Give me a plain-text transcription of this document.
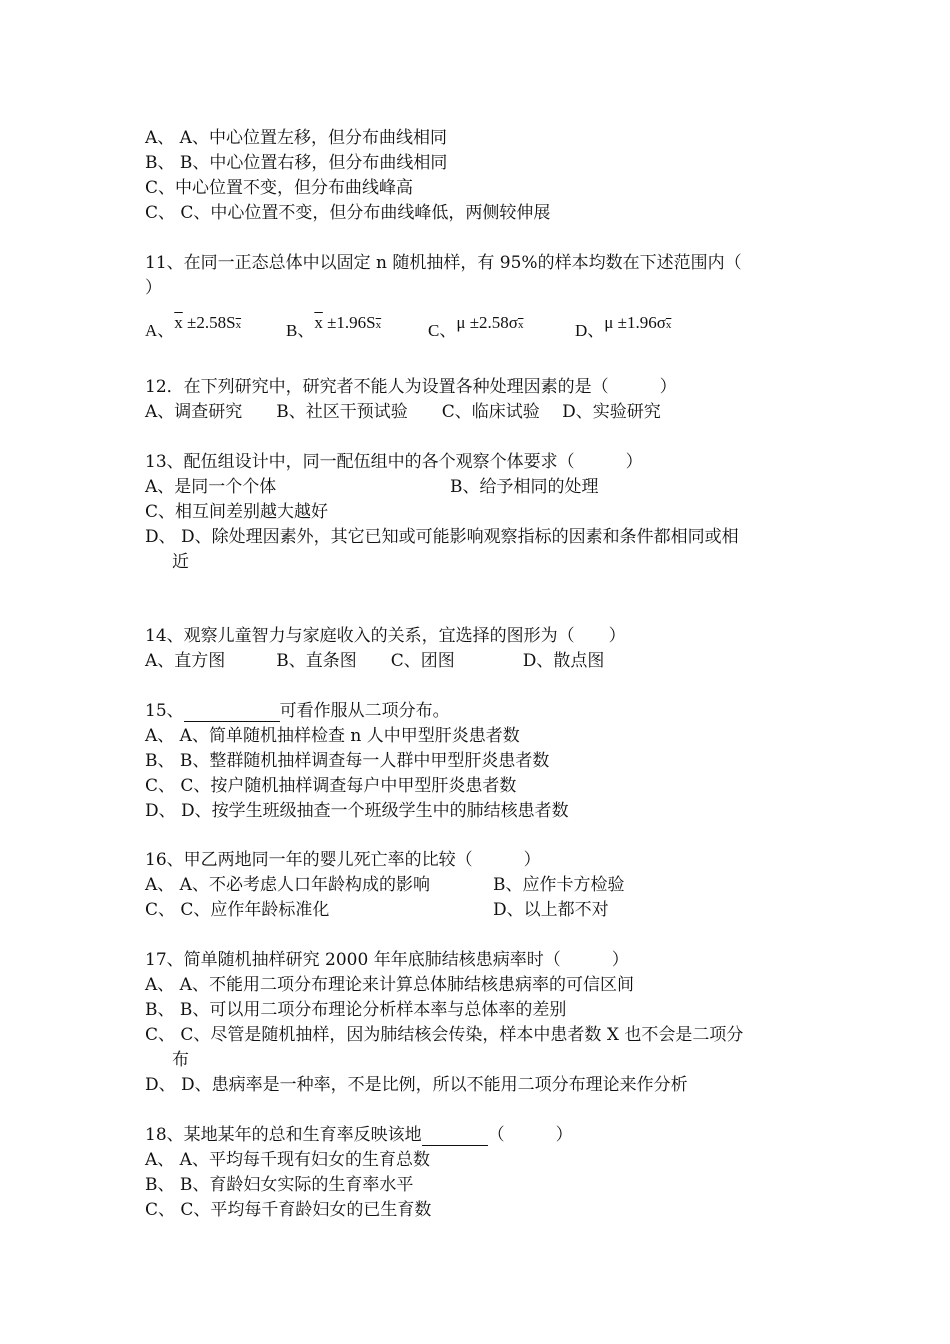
A、 A、中心位置左移，但分布曲线相同

B、 B、中心位置右移，但分布曲线相同

C、中心位置不变，但分布曲线峰高

C、 C、中心位置不变，但分布曲线峰低，两侧较伸展

11、在同一正态总体中以固定 n 随机抽样，有 95%的样本均数在下述范围内（

）

A、$\overline{x} \pm 2.58S\overline{x}$	B、$\overline{x} \pm 1.96S\overline{x}$	C、$\mu \pm 2.58\sigma\overline{x}$	D、$\mu \pm 1.96\sigma\overline{x}$

12．在下列研究中，研究者不能人为设置各种处理因素的是（　　　）

A、调查研究　　B、社区干预试验　　C、临床试验　 D、实验研究

13、配伍组设计中，同一配伍组中的各个观察个体要求（　　　）

A、是同一个个体	B、给予相同的处理

C、相互间差别越大越好

D、 D、除处理因素外，其它已知或可能影响观察指标的因素和条件都相同或相

近

14、观察儿童智力与家庭收入的关系，宜选择的图形为（　　）

A、直方图　　　B、直条图　　C、团图　　　　D、散点图

15、	可看作服从二项分布。

A、 A、简单随机抽样检查 n 人中甲型肝炎患者数

B、 B、整群随机抽样调查每一人群中甲型肝炎患者数

C、 C、按户随机抽样调查每户中甲型肝炎患者数

D、 D、按学生班级抽查一个班级学生中的肺结核患者数

16、甲乙两地同一年的婴儿死亡率的比较（　　　）

A、 A、不必考虑人口年龄构成的影响	B、应作卡方检验
C、 C、应作年龄标准化	D、以上都不对

17、简单随机抽样研究 2000 年年底肺结核患病率时（　　　）

A、 A、不能用二项分布理论来计算总体肺结核患病率的可信区间

B、 B、可以用二项分布理论分析样本率与总体率的差别

C、 C、尽管是随机抽样，因为肺结核会传染，样本中患者数 X 也不会是二项分

布

D、 D、患病率是一种率，不是比例，所以不能用二项分布理论来作分析

18、某地某年的总和生育率反映该地	（　　　）

A、 A、平均每千现有妇女的生育总数

B、 B、育龄妇女实际的生育率水平

C、 C、平均每千育龄妇女的已生育数
